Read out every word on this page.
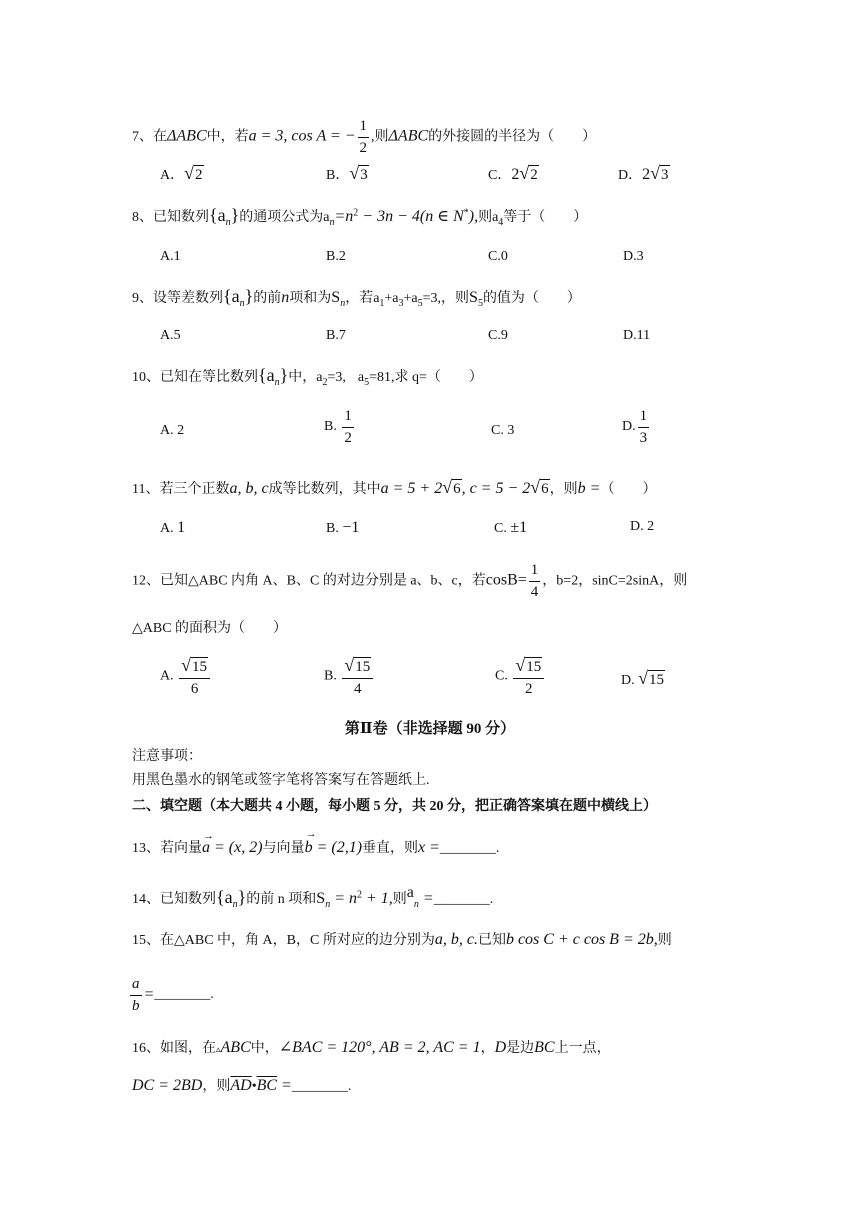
7、在ΔABC中，若a = 3, cos A = − $\frac{1}{2}$ ,则ΔABC的外接圆的半径为（　　）
A．√2	B．√3	C．2√2	D．2√3
8、已知数列$\{a_n\}$的通项公式为$a_n=n^2 - 3n - 4(n$ ∈ N*),则$a_4$等于（　　）
A.1	B.2	C.0	D.3
9、设等差数列$\{a_n\}$的前n项和为$S_n$，若$a_1+a_3+a_5=3$,，则$S_5$的值为（　　）
A.5	B.7	C.9	D.11
10、已知在等比数列$\{a_n\}$中，$a_2=3$, $a_5=81$,求 q=（　　）
A. 2	B. $\frac{1}{2}$	C. 3	D. $\frac{1}{3}$
11、若三个正数a, b, c成等比数列，其中a = 5 + 2√6, c = 5 − 2√6，则b =（　　）
A. 1	B. −1	C. ±1	D. 2
12、已知△ABC 内角 A、B、C 的对边分别是 a、b、c，若$\cos B= \frac{1}{4}$ ，b=2，sinC=2sinA，则
△ABC 的面积为（　　）
A. $\frac{√15}{6}$	B. $\frac{√15}{4}$	C. $\frac{√15}{2}$	D. √15
第Ⅱ卷（非选择题 90 分）
注意事项：
用黑色墨水的钢笔或签字笔将答案写在答题纸上.
二、填空题（本大题共 4 小题，每小题 5 分，共 20 分，把正确答案填在题中横线上）
13、若向量
→
a = (x, 2)与向量
→
b = (2,1)垂直，则x =________.
14、已知数列$\{a_n\}$的前 n 项和$S_n = n^2 + 1$,则$a_n$ =________.
15、在△ABC 中，角 A，B，C 所对应的边分别为a, b, c.已知b cos C + c cos B = 2b,则
$\frac{a}{b}$ =________.
16、如图，在▵ABC中，∠BAC = 120°, AB = 2, AC = 1，D是边BC上一点，
DC = 2BD，则$\overline{AD}•\overline{BC}$ =________.
